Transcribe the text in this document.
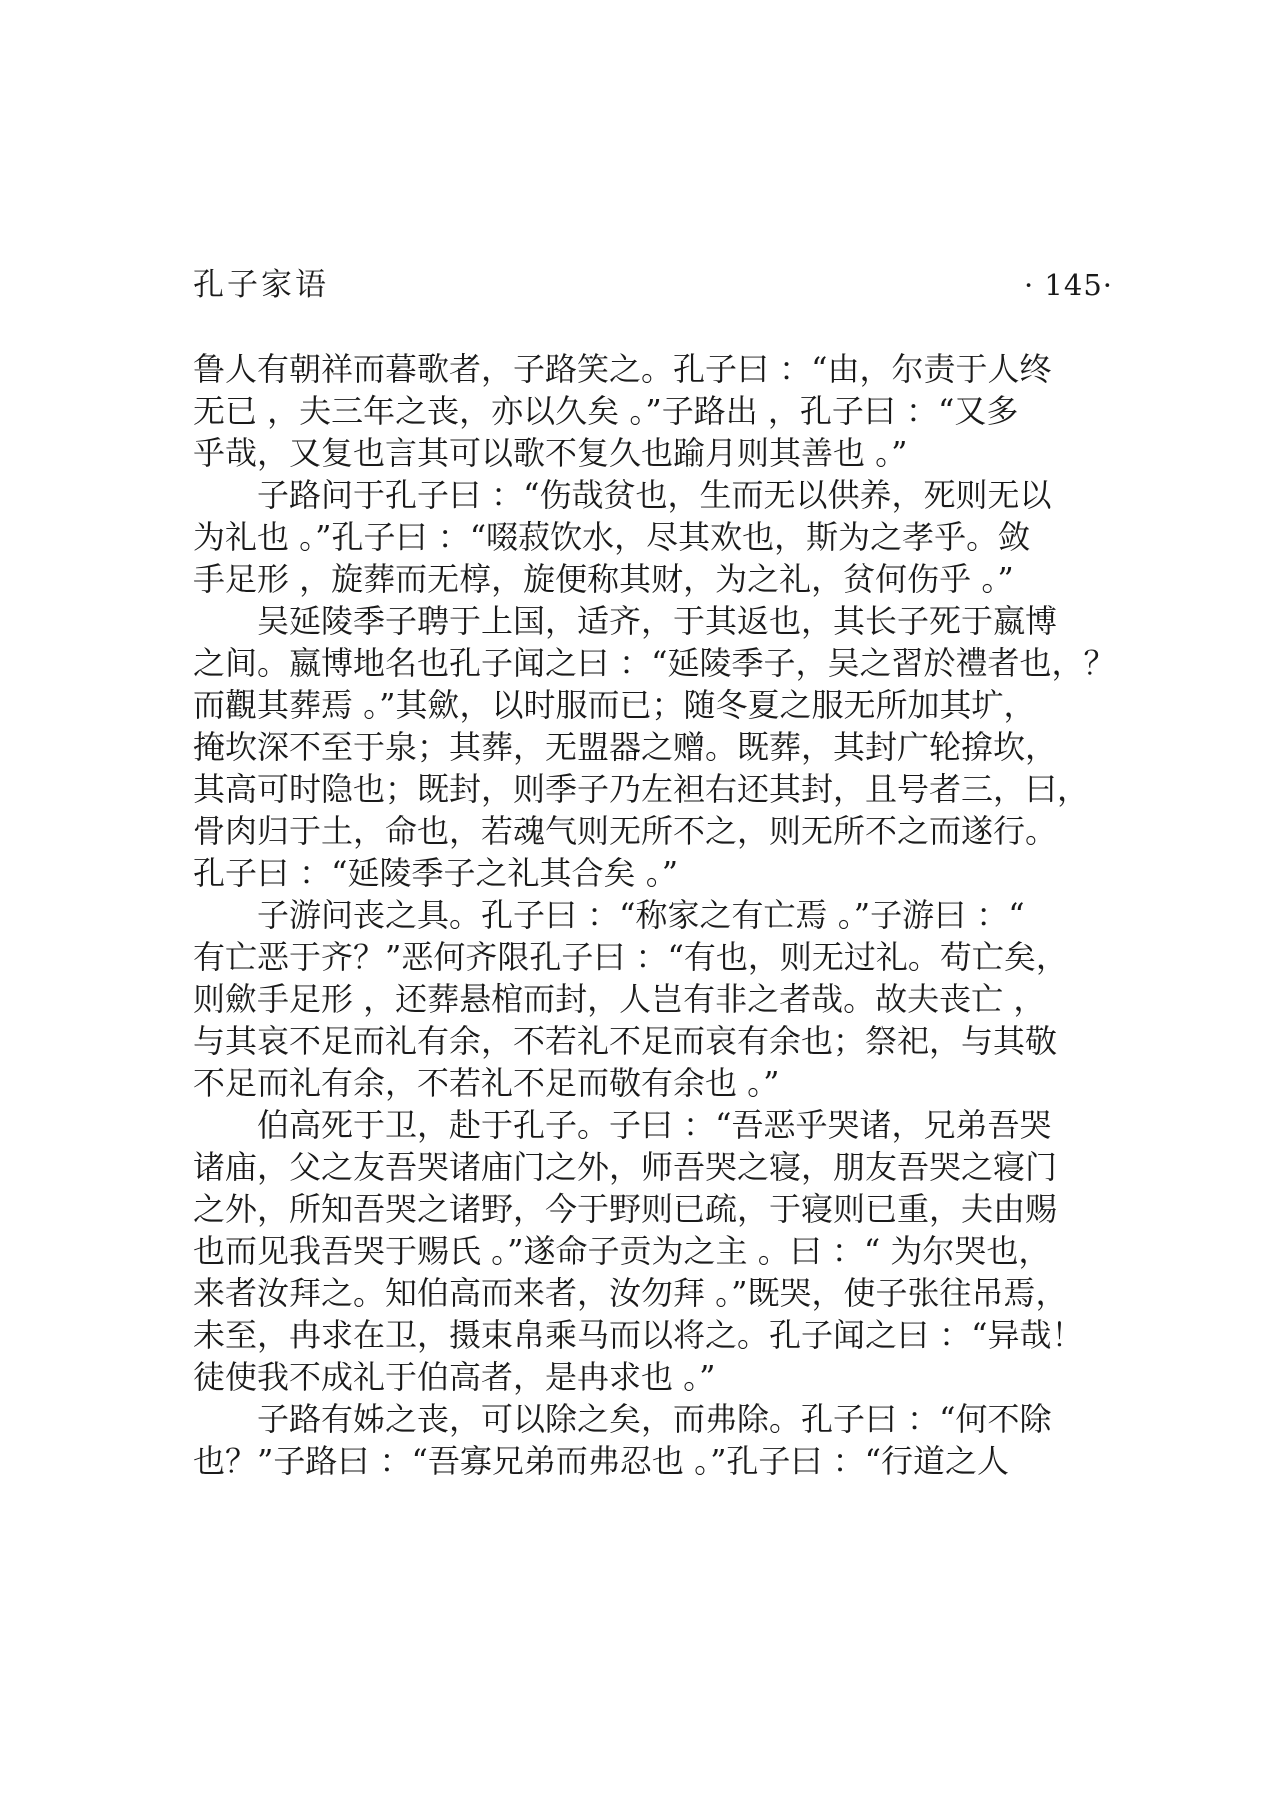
孔子家语	· 145·
鲁人有朝祥而暮歌者，子路笑之。孔子曰 ：“由，尔责于人终
无已 ，夫三年之丧，亦以久矣 。”子路出 ，孔子曰 ：“又多
乎哉，又复也言其可以歌不复久也踰月则其善也 。”
子路问于孔子曰 ：“伤哉贫也，生而无以供养，死则无以
为礼也 。”孔子曰 ：“啜菽饮水，尽其欢也，斯为之孝乎。敛
手足形 ，旋葬而无椁，旋便称其财，为之礼，贫何伤乎 。”
吴延陵季子聘于上国，适齐，于其返也，其长子死于嬴博
之间。嬴博地名也孔子闻之曰 ：“延陵季子，吴之習於禮者也，？
而觀其葬焉 。”其歛，以时服而已；随冬夏之服无所加其圹，
掩坎深不至于泉；其葬，无盟器之赠。既葬，其封广轮揜坎，
其高可时隐也；既封，则季子乃左袒右还其封，且号者三，曰，
骨肉归于土，命也，若魂气则无所不之，则无所不之而遂行。
孔子曰 ：“延陵季子之礼其合矣 。”
子游问丧之具。孔子曰 ：“称家之有亡焉 。”子游曰 ：“
有亡恶于齐？”恶何齐限孔子曰 ：“有也，则无过礼。苟亡矣，
则歛手足形 ，还葬悬棺而封，人岂有非之者哉。故夫丧亡 ，
与其哀不足而礼有余，不若礼不足而哀有余也；祭祀，与其敬
不足而礼有余，不若礼不足而敬有余也 。”
伯高死于卫，赴于孔子。子曰 ：“吾恶乎哭诸，兄弟吾哭
诸庙，父之友吾哭诸庙门之外，师吾哭之寝，朋友吾哭之寝门
之外，所知吾哭之诸野，今于野则已疏，于寝则已重，夫由赐
也而见我吾哭于赐氏 。”遂命子贡为之主 。曰 ：“ 为尔哭也，
来者汝拜之。知伯高而来者，汝勿拜 。”既哭，使子张往吊焉，
未至，冉求在卫，摄束帛乘马而以将之。孔子闻之曰 ：“异哉！
徒使我不成礼于伯高者，是冉求也 。”
子路有姊之丧，可以除之矣，而弗除。孔子曰 ：“何不除
也？”子路曰 ：“吾寡兄弟而弗忍也 。”孔子曰 ：“行道之人
